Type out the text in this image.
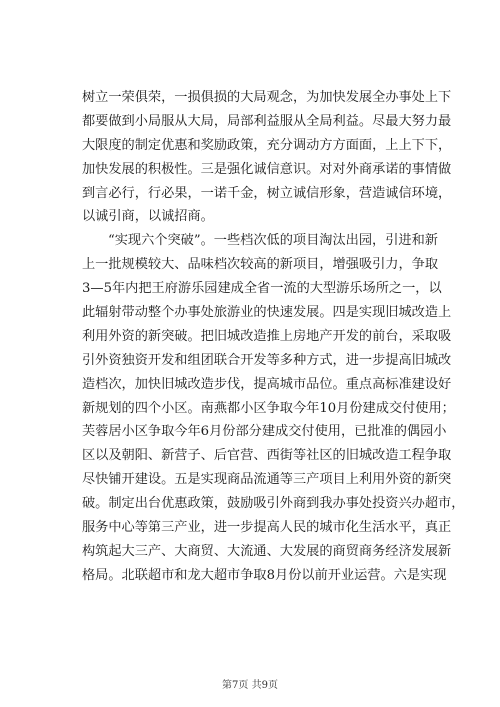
树立一荣俱荣，一损俱损的大局观念，为加快发展全办事处上下
都要做到小局服从大局，局部利益服从全局利益。尽最大努力最
大限度的制定优惠和奖励政策，充分调动方方面面，上上下下，
加快发展的积极性。三是强化诚信意识。对对外商承诺的事情做
到言必行，行必果，一诺千金，树立诚信形象，营造诚信环境，
以诚引商，以诚招商。
“实现六个突破”。一些档次低的项目淘汰出园，引进和新
上一批规模较大、品味档次较高的新项目，增强吸引力，争取
3—5年内把王府游乐园建成全省一流的大型游乐场所之一，以
此辐射带动整个办事处旅游业的快速发展。四是实现旧城改造上
利用外资的新突破。把旧城改造推上房地产开发的前台，采取吸
引外资独资开发和组团联合开发等多种方式，进一步提高旧城改
造档次，加快旧城改造步伐，提高城市品位。重点高标准建设好
新规划的四个小区。南燕都小区争取今年10月份建成交付使用；
芙蓉居小区争取今年6月份部分建成交付使用，已批准的偶园小
区以及朝阳、新营子、后官营、西街等社区的旧城改造工程争取
尽快铺开建设。五是实现商品流通等三产项目上利用外资的新突
破。制定出台优惠政策，鼓励吸引外商到我办事处投资兴办超市，
服务中心等第三产业，进一步提高人民的城市化生活水平，真正
构筑起大三产、大商贸、大流通、大发展的商贸商务经济发展新
格局。北联超市和龙大超市争取8月份以前开业运营。六是实现
第7页 共9页
